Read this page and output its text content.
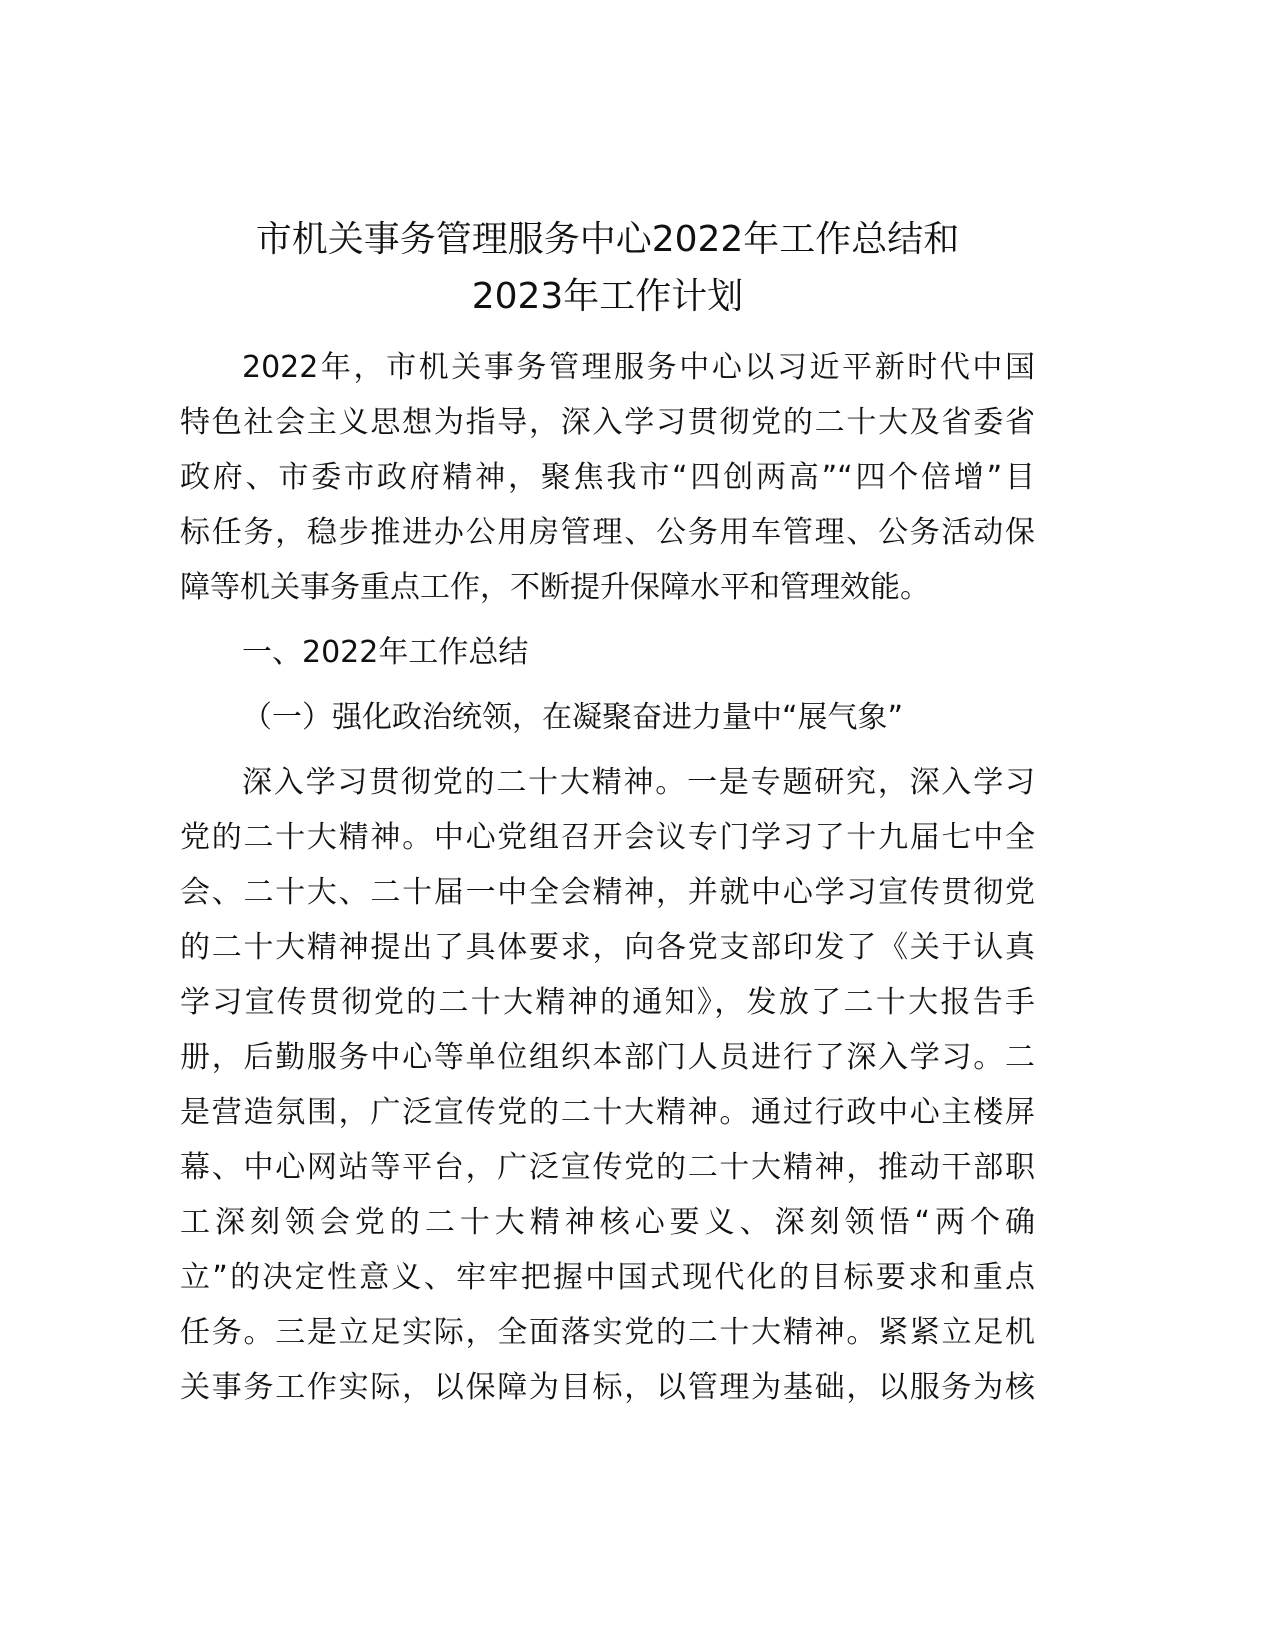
市机关事务管理服务中心2022年工作总结和
2023年工作计划
2022年，市机关事务管理服务中心以习近平新时代中国
特色社会主义思想为指导，深入学习贯彻党的二十大及省委省
政府、市委市政府精神，聚焦我市“四创两高”“四个倍增”目
标任务，稳步推进办公用房管理、公务用车管理、公务活动保
障等机关事务重点工作，不断提升保障水平和管理效能。
一、2022年工作总结
（一）强化政治统领，在凝聚奋进力量中“展气象”
深入学习贯彻党的二十大精神。一是专题研究，深入学习
党的二十大精神。中心党组召开会议专门学习了十九届七中全
会、二十大、二十届一中全会精神，并就中心学习宣传贯彻党
的二十大精神提出了具体要求，向各党支部印发了《关于认真
学习宣传贯彻党的二十大精神的通知》，发放了二十大报告手
册，后勤服务中心等单位组织本部门人员进行了深入学习。二
是营造氛围，广泛宣传党的二十大精神。通过行政中心主楼屏
幕、中心网站等平台，广泛宣传党的二十大精神，推动干部职
工深刻领会党的二十大精神核心要义、深刻领悟“两个确
立”的决定性意义、牢牢把握中国式现代化的目标要求和重点
任务。三是立足实际，全面落实党的二十大精神。紧紧立足机
关事务工作实际，以保障为目标，以管理为基础，以服务为核
